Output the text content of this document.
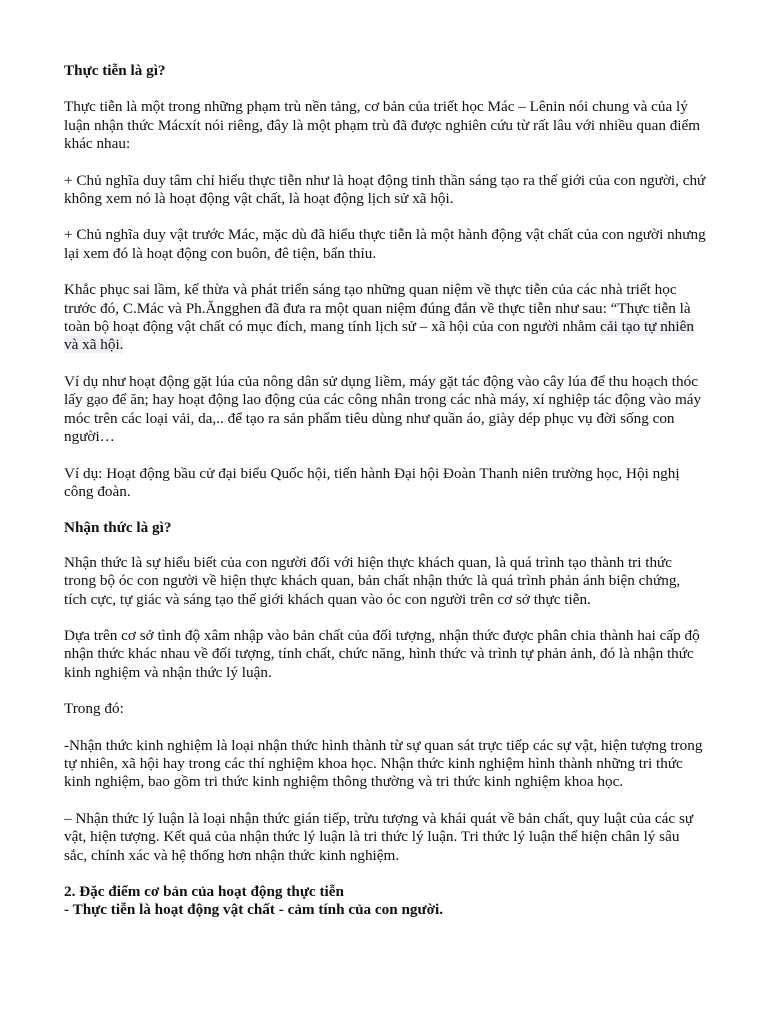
Thực tiễn là gì?

Thực tiễn là một trong những phạm trù nền tảng, cơ bản của triết học Mác – Lênin nói chung và của lý luận nhận thức Mácxít nói riêng, đây là một phạm trù đã được nghiên cứu từ rất lâu với nhiều quan điểm khác nhau:

+ Chủ nghĩa duy tâm chỉ hiểu thực tiễn như là hoạt động tinh thần sáng tạo ra thế giới của con người, chứ không xem nó là hoạt động vật chất, là hoạt động lịch sử xã hội.

+ Chủ nghĩa duy vật trước Mác, mặc dù đã hiểu thực tiễn là một hành động vật chất của con người nhưng lại xem đó là hoạt động con buôn, đê tiện, bẩn thỉu.

Khắc phục sai lầm, kế thừa và phát triển sáng tạo những quan niệm về thực tiễn của các nhà triết học trước đó, C.Mác và Ph.Ăngghen đã đưa ra một quan niệm đúng đắn về thực tiễn như sau: “Thực tiễn là toàn bộ hoạt động vật chất có mục đích, mang tính lịch sử – xã hội của con người nhằm cải tạo tự nhiên và xã hội.

Ví dụ như hoạt động gặt lúa của nông dân sử dụng liềm, máy gặt tác động vào cây lúa để thu hoạch thóc lấy gạo để ăn; hay hoạt động lao động của các công nhân trong các nhà máy, xí nghiệp tác động vào máy móc trên các loại vải, da,.. để tạo ra sản phẩm tiêu dùng như quần áo, giày dép phục vụ đời sống con người…

Ví dụ: Hoạt động bầu cử đại biểu Quốc hội, tiến hành Đại hội Đoàn Thanh niên trường học, Hội nghị công đoàn.

Nhận thức là gì?

Nhận thức là sự hiểu biết của con người đối với hiện thực khách quan, là quá trình tạo thành tri thức trong bộ óc con người về hiện thực khách quan, bản chất nhận thức là quá trình phản ánh biện chứng, tích cực, tự giác và sáng tạo thế giới khách quan vào óc con người trên cơ sở thực tiễn.

Dựa trên cơ sở tình độ xâm nhập vào bản chất của đối tượng, nhận thức được phân chia thành hai cấp độ nhận thức khác nhau về đối tượng, tính chất, chức năng, hình thức và trình tự phản ảnh, đó là nhận thức kinh nghiệm và nhận thức lý luận.

Trong đó:

-Nhận thức kinh nghiệm là loại nhận thức hình thành từ sự quan sát trực tiếp các sự vật, hiện tượng trong tự nhiên, xã hội hay trong các thí nghiệm khoa học. Nhận thức kinh nghiệm hình thành những tri thức kinh nghiệm, bao gồm tri thức kinh nghiệm thông thường và tri thức kinh nghiệm khoa học.

– Nhận thức lý luận là loại nhận thức gián tiếp, trừu tượng và khái quát về bản chất, quy luật của các sự vật, hiện tượng. Kết quả của nhận thức lý luận là tri thức lý luận. Tri thức lý luận thể hiện chân lý sâu sắc, chính xác và hệ thống hơn nhận thức kinh nghiệm.

2. Đặc điểm cơ bản của hoạt động thực tiễn

- Thực tiễn là hoạt động vật chất - cảm tính của con người.
